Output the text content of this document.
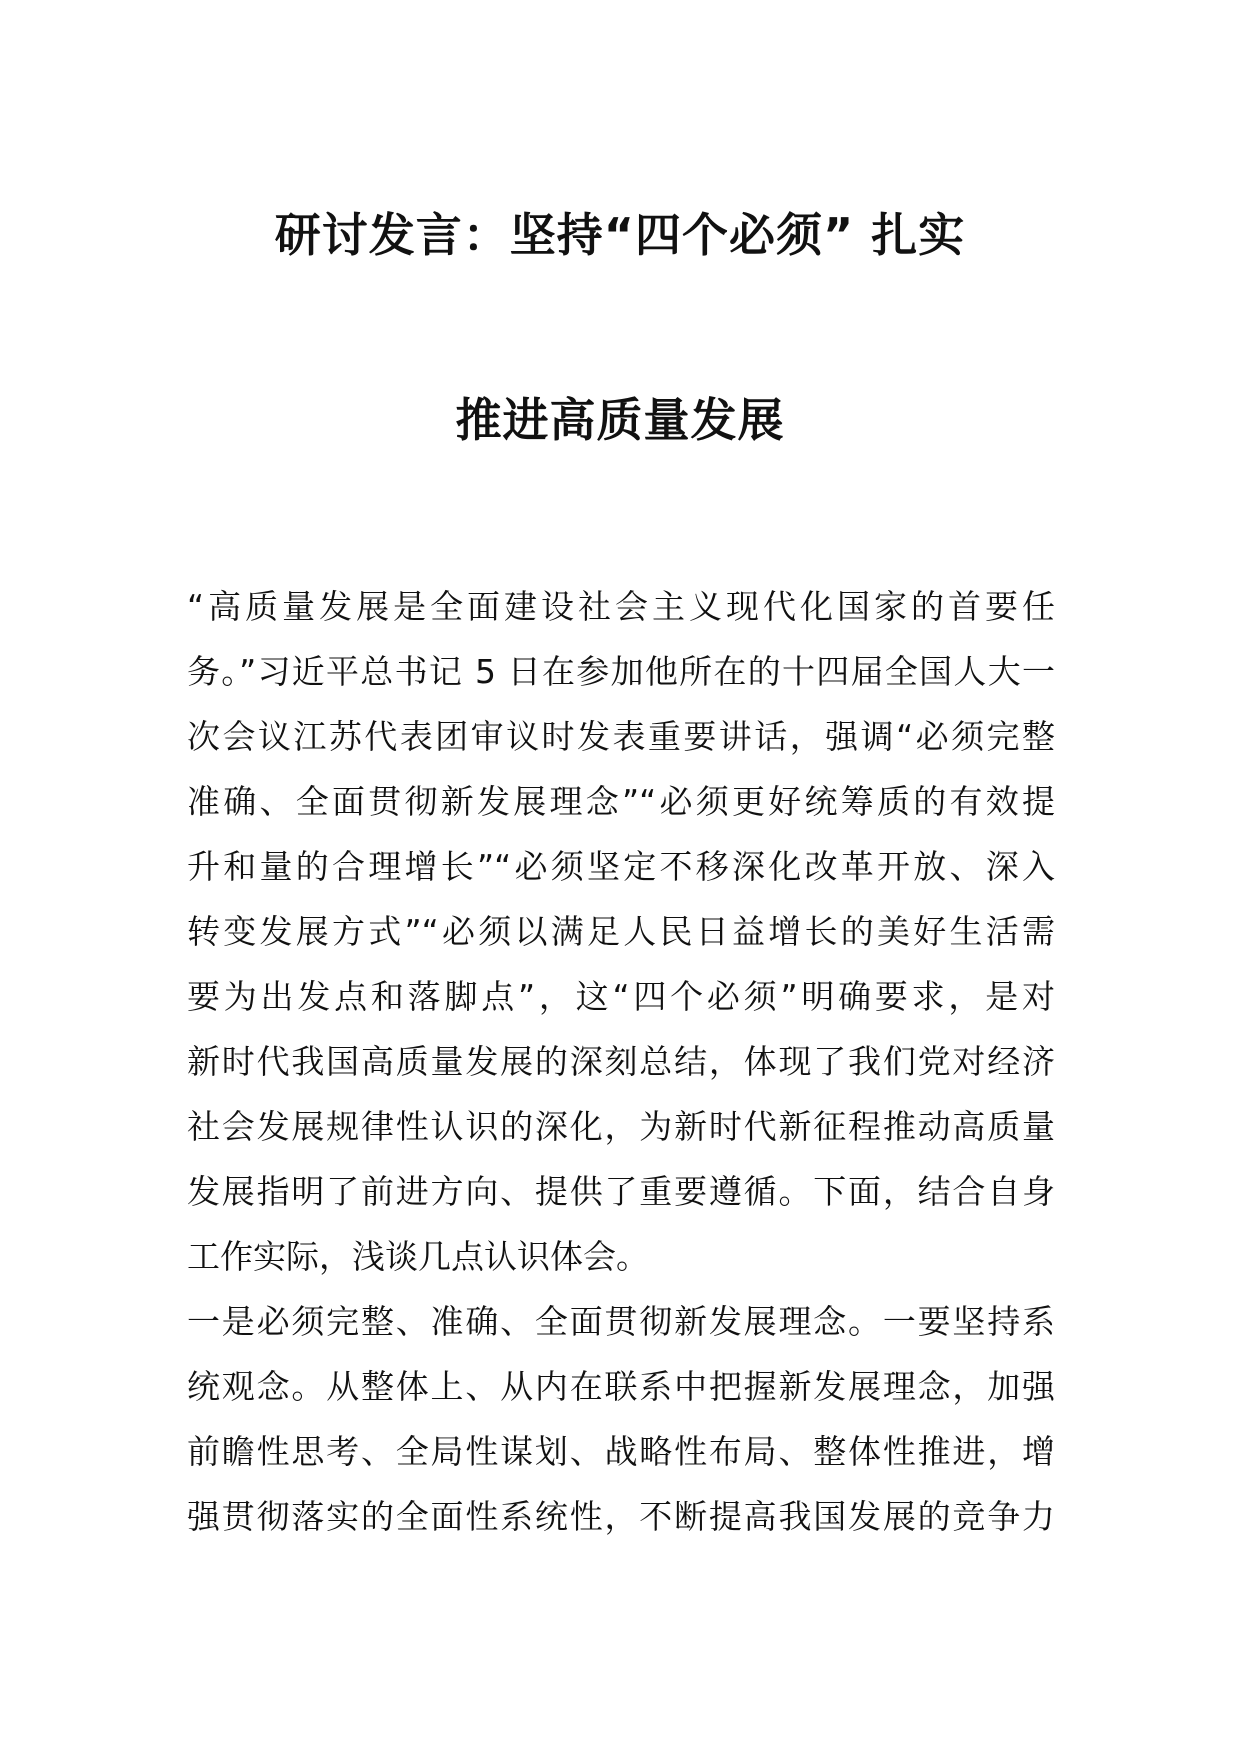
研讨发言：坚持“四个必须” 扎实
推进高质量发展
“高质量发展是全面建设社会主义现代化国家的首要任
务。”习近平总书记 5 日在参加他所在的十四届全国人大一
次会议江苏代表团审议时发表重要讲话，强调“必须完整
准确、全面贯彻新发展理念”“必须更好统筹质的有效提
升和量的合理增长”“必须坚定不移深化改革开放、深入
转变发展方式”“必须以满足人民日益增长的美好生活需
要为出发点和落脚点”，这“四个必须”明确要求，是对
新时代我国高质量发展的深刻总结，体现了我们党对经济
社会发展规律性认识的深化，为新时代新征程推动高质量
发展指明了前进方向、提供了重要遵循。下面，结合自身
工作实际，浅谈几点认识体会。
一是必须完整、准确、全面贯彻新发展理念。一要坚持系
统观念。从整体上、从内在联系中把握新发展理念，加强
前瞻性思考、全局性谋划、战略性布局、整体性推进，增
强贯彻落实的全面性系统性，不断提高我国发展的竞争力
